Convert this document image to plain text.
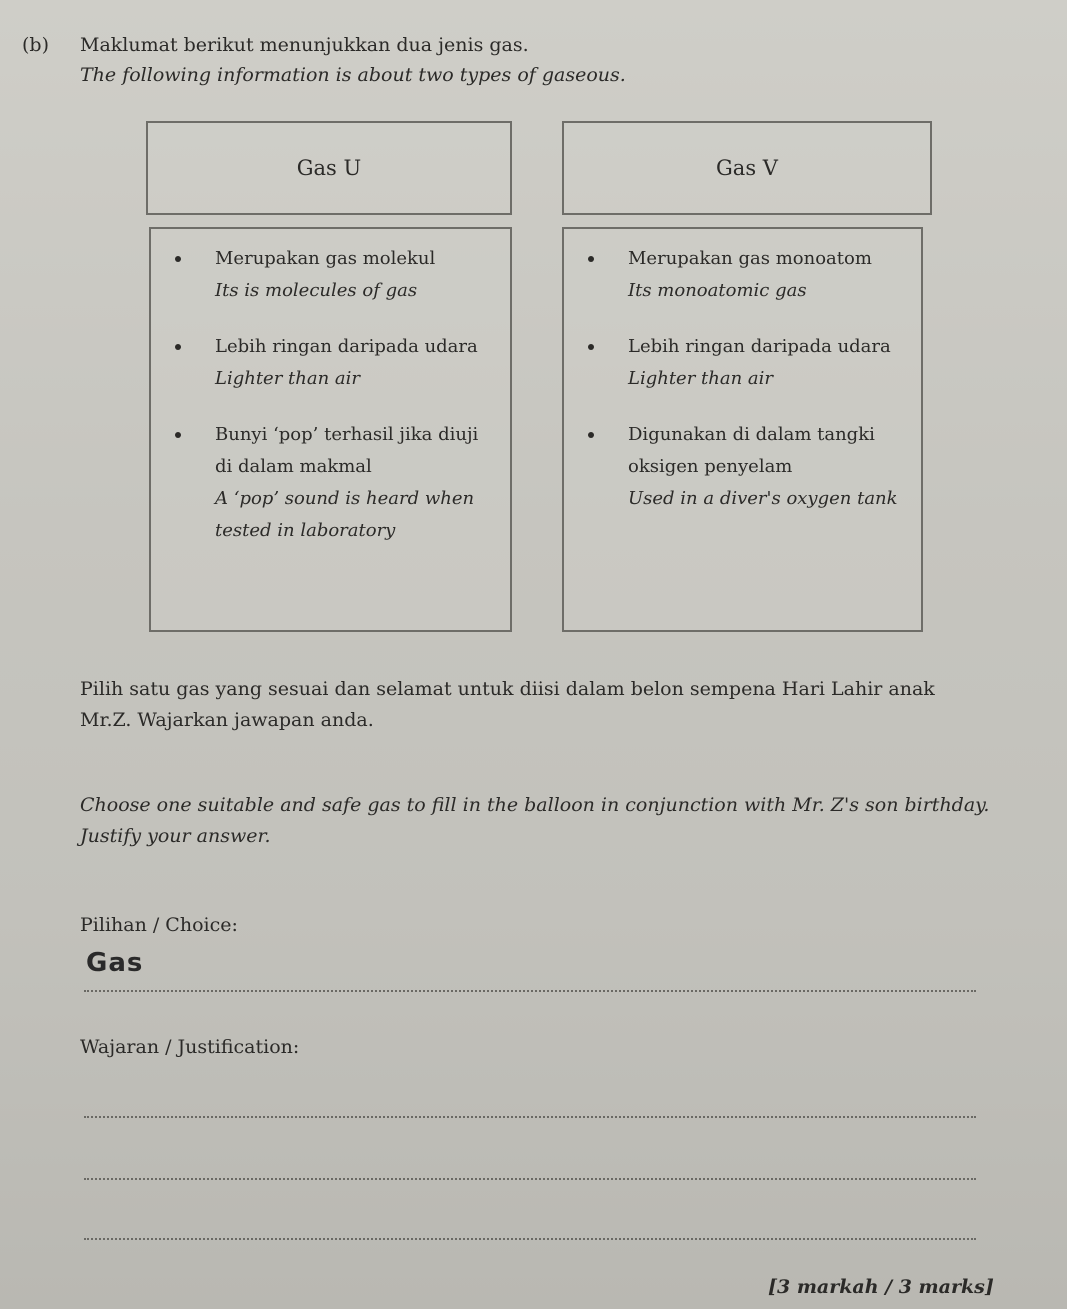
(b) Maklumat berikut menunjukkan dua jenis gas.
The following information is about two types of gaseous.
Gas U	Gas V
Merupakan gas molekul
Its is molecules of gas
Lebih ringan daripada udara
Lighter than air
Bunyi ‘pop’ terhasil jika diuji di dalam makmal
A ‘pop’ sound is heard when tested in laboratory
Merupakan gas monoatom
Its monoatomic gas
Lebih ringan daripada udara
Lighter than air
Digunakan di dalam tangki oksigen penyelam
Used in a diver's oxygen tank
Pilih satu gas yang sesuai dan selamat untuk diisi dalam belon sempena Hari Lahir anak Mr.Z. Wajarkan jawapan anda.
Choose one suitable and safe gas to fill in the balloon in conjunction with Mr. Z's son birthday. Justify your answer.
Pilihan / Choice:
Gas
Wajaran / Justification:
[3 markah / 3 marks]
